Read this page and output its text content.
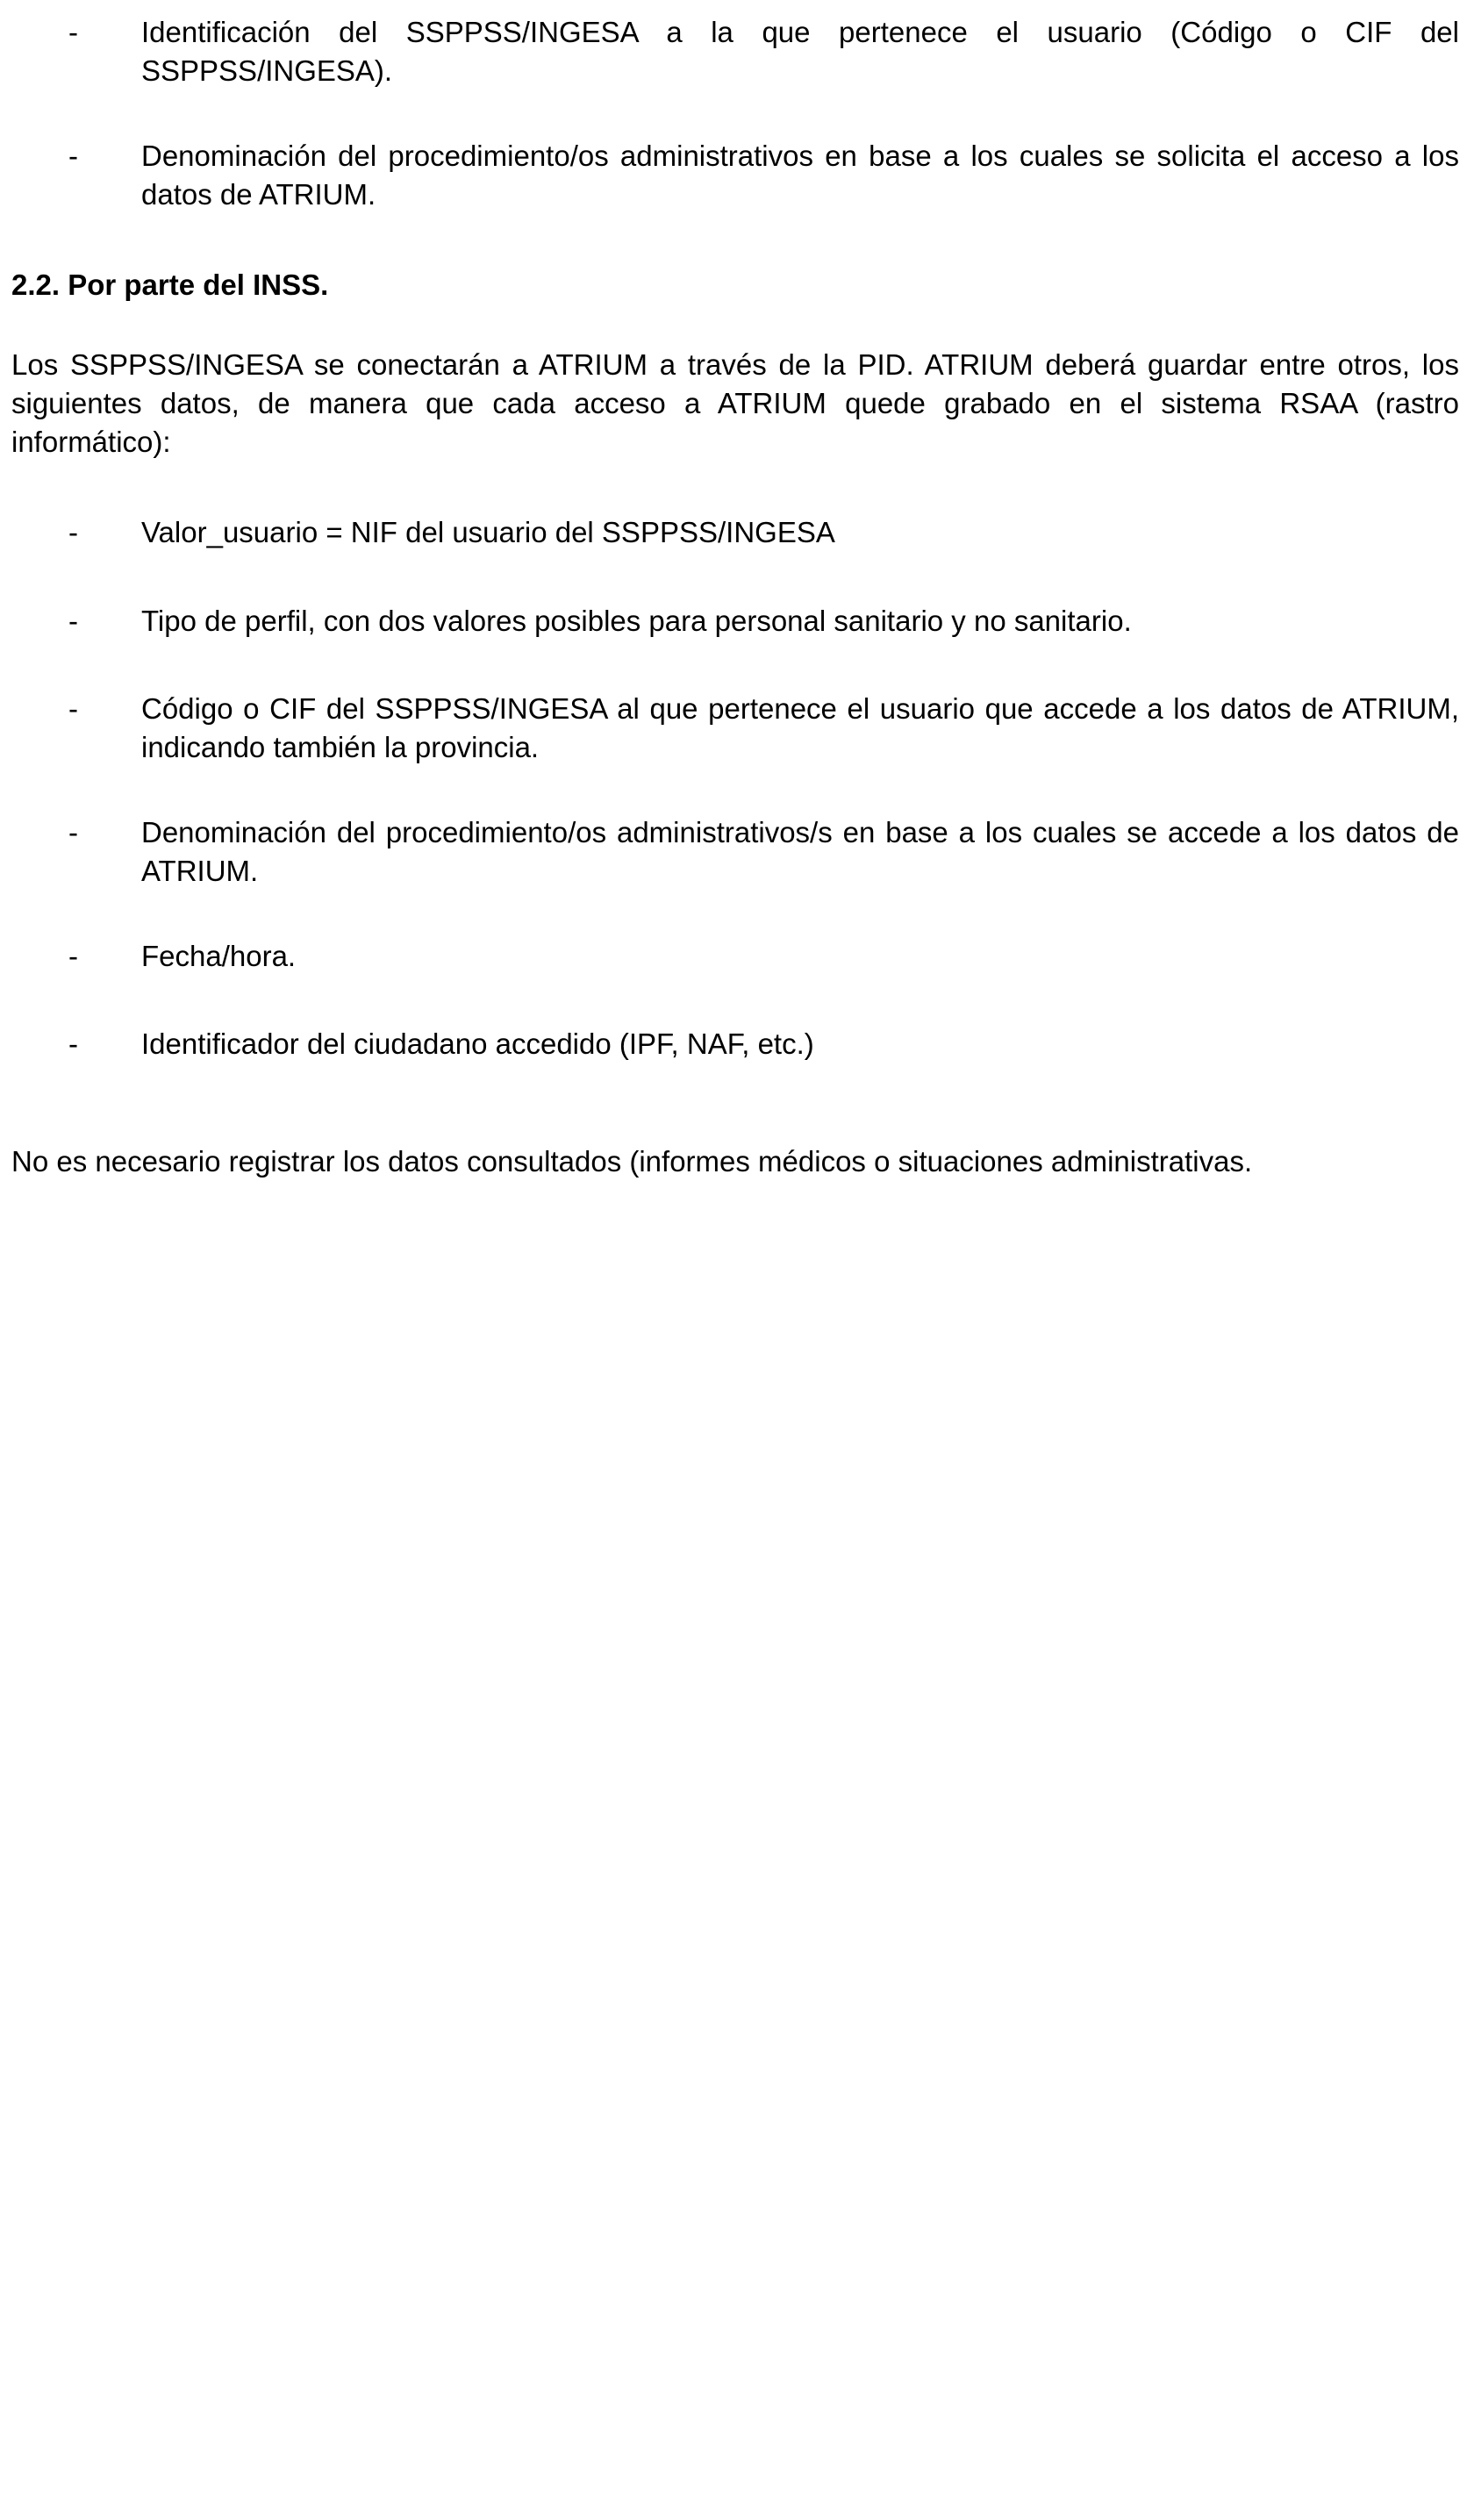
-	Identificación del SSPPSS/INGESA a la que pertenece el usuario (Código o CIF del SSPPSS/INGESA).
-	Denominación del procedimiento/os administrativos en base a los cuales se solicita el acceso a los datos de ATRIUM.
2.2. Por parte del INSS.
Los SSPPSS/INGESA se conectarán a ATRIUM a través de la PID. ATRIUM deberá guardar entre otros, los siguientes datos, de manera que cada acceso a ATRIUM quede grabado en el sistema RSAA (rastro informático):
-	Valor_usuario = NIF del usuario del SSPPSS/INGESA
-	Tipo de perfil, con dos valores posibles para personal sanitario y no sanitario.
-	Código o CIF del SSPPSS/INGESA al que pertenece el usuario que accede a los datos de ATRIUM, indicando también la provincia.
-	Denominación del procedimiento/os administrativos/s en base a los cuales se accede a los datos de ATRIUM.
-	Fecha/hora.
-	Identificador del ciudadano accedido (IPF, NAF, etc.)
No es necesario registrar los datos consultados (informes médicos o situaciones administrativas.
